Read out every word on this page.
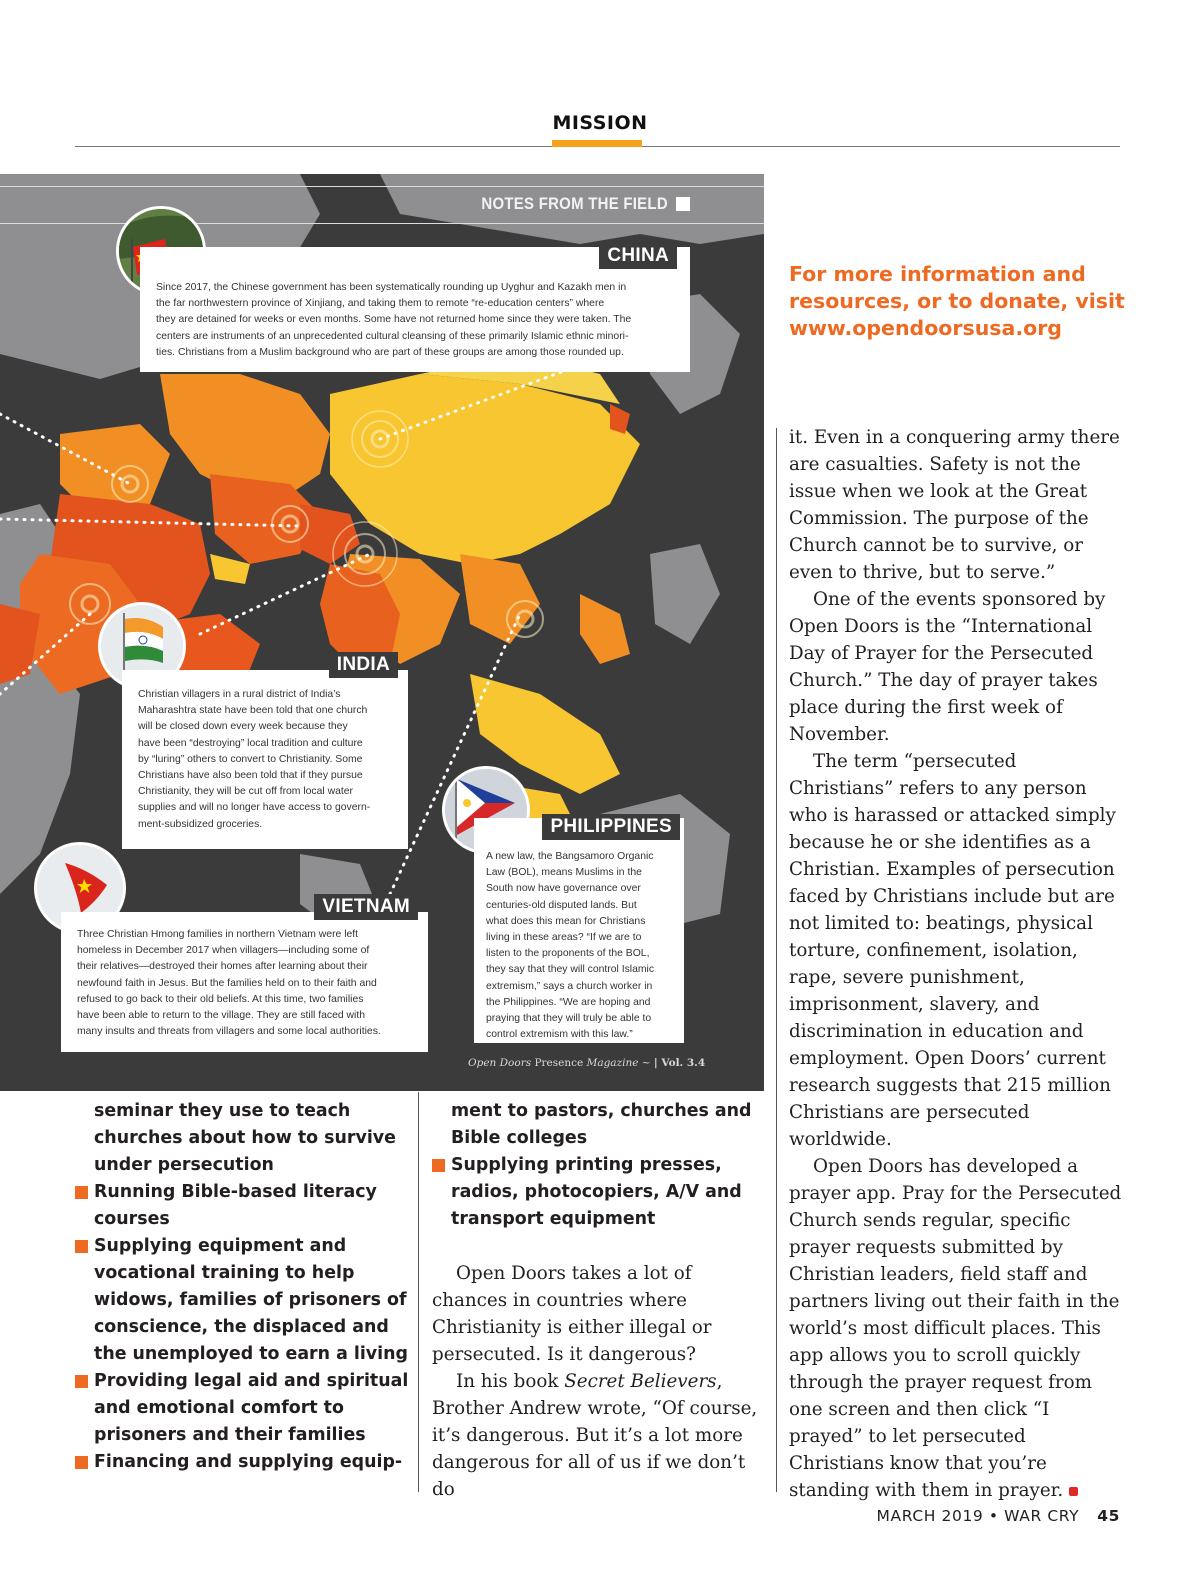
MISSION
NOTES FROM THE FIELD
CHINA

Since 2017, the Chinese government has been systematically rounding up Uyghur and Kazakh men in
the far northwestern province of Xinjiang, and taking them to remote “re-education centers” where
they are detained for weeks or even months. Some have not returned home since they were taken. The
centers are instruments of an unprecedented cultural cleansing of these primarily Islamic ethnic minori-
ties. Christians from a Muslim background who are part of these groups are among those rounded up.

INDIA

Christian villagers in a rural district of India’s
Maharashtra state have been told that one church
will be closed down every week because they
have been “destroying” local tradition and culture
by “luring” others to convert to Christianity. Some
Christians have also been told that if they pursue
Christianity, they will be cut off from local water
supplies and will no longer have access to govern-
ment-subsidized groceries.	PHILIPPINES

A new law, the Bangsamoro Organic
Law (BOL), means Muslims in the
South now have governance over
centuries-old disputed lands. But
what does this mean for Christians
living in these areas? “If we are to
listen to the proponents of the BOL,
they say that they will control Islamic
extremism,” says a church worker in
the Philippines. “We are hoping and
praying that they will truly be able to
control extremism with this law.”

VIETNAM

Three Christian Hmong families in northern Vietnam were left
homeless in December 2017 when villagers—including some of
their relatives—destroyed their homes after learning about their
newfound faith in Jesus. But the families held on to their faith and
refused to go back to their old beliefs. At this time, two families
have been able to return to the village. They are still faced with
many insults and threats from villagers and some local authorities.

Open Doors Presence Magazine ~ | Vol. 3.4
For more information and
resources, or to donate, visit
www.opendoorsusa.org
seminar they use to teach churches about how to survive under persecution
Running Bible-based literacy courses
Supplying equipment and vocational training to help widows, families of prisoners of conscience, the displaced and the unemployed to earn a living
Providing legal aid and spiritual and emotional comfort to prisoners and their families
Financing and supplying equip-
ment to pastors, churches and Bible colleges
Supplying printing presses, radios, photocopiers, A/V and transport equipment

Open Doors takes a lot of chances in countries where Christianity is either illegal or persecuted. Is it dangerous?

In his book Secret Believers, Brother Andrew wrote, “Of course, it’s dangerous. But it’s a lot more dangerous for all of us if we don’t do

it. Even in a conquering army there are casualties. Safety is not the issue when we look at the Great Commission. The purpose of the Church cannot be to survive, or even to thrive, but to serve.”

One of the events sponsored by Open Doors is the “International Day of Prayer for the Persecuted Church.” The day of prayer takes place during the first week of November.

The term “persecuted Christians” refers to any person who is harassed or attacked simply because he or she identifies as a Christian. Examples of persecution faced by Christians include but are not limited to: beatings, physical torture, confinement, isolation, rape, severe punishment, imprisonment, slavery, and discrimination in education and employment. Open Doors’ current research suggests that 215 million Christians are persecuted worldwide.

Open Doors has developed a prayer app. Pray for the Persecuted Church sends regular, specific prayer requests submitted by Christian leaders, field staff and partners living out their faith in the world’s most difficult places. This app allows you to scroll quickly through the prayer request from one screen and then click “I prayed” to let persecuted Christians know that you’re standing with them in prayer.

MARCH 2019 • WAR CRY 45
